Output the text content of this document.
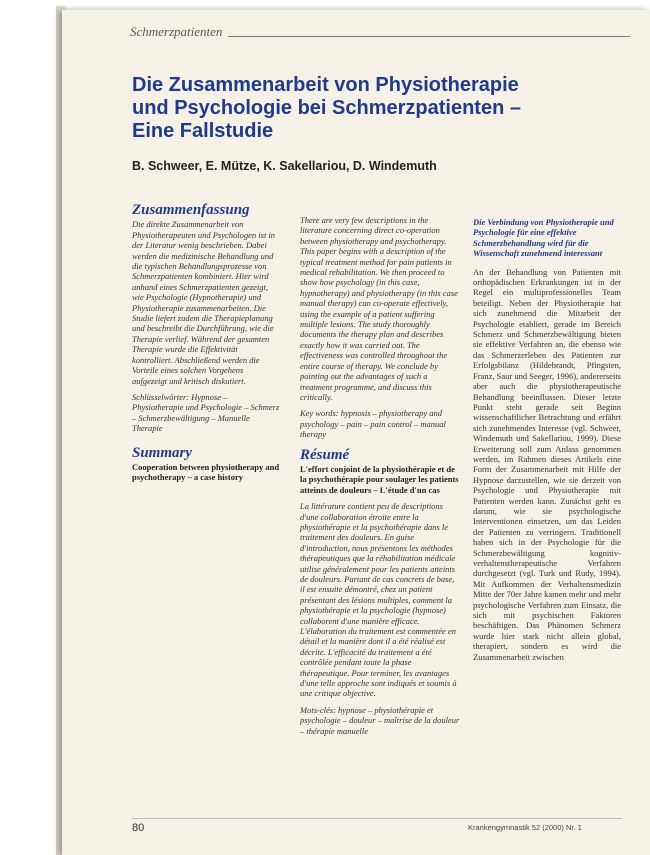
Schmerzpatienten
Die Zusammenarbeit von Physiotherapie
und Psychologie bei Schmerzpatienten –
Eine Fallstudie
B. Schweer, E. Mütze, K. Sakellariou, D. Windemuth
Zusammenfassung
Die direkte Zusammenarbeit von Physiotherapeuten und Psychologen ist in der Literatur wenig beschrieben. Dabei werden die medizinische Behandlung und die typischen Behandlungsprozesse von Schmerzpatienten kombiniert. Hier wird anhand eines Schmerzpatienten gezeigt, wie Psychologie (Hypnotherapie) und Physiotherapie zusammenarbeiten. Die Studie liefert zudem die Therapieplanung und beschreibt die Durchführung, wie die Therapie verlief. Während der gesamten Therapie wurde die Effektivität kontrolliert. Abschließend werden die Vorteile eines solchen Vorgehens aufgezeigt und kritisch diskutiert.
Schlüsselwörter: Hypnose – Physiotherapie und Psychologie – Schmerz – Schmerzbewältigung – Manuelle Therapie
Summary
Cooperation between physiotherapy and psychotherapy – a case history
There are very few descriptions in the literature concerning direct co-operation between physiotherapy and psychotherapy. This paper begins with a description of the typical treatment method for pain patients in medical rehabilitation. We then proceed to show how psychology (in this case, hypnotherapy) and physiotherapy (in this case manual therapy) can co-operate effectively, using the example of a patient suffering multiple lesions. The study thoroughly documents the therapy plan and describes exactly how it was carried out. The effectiveness was controlled throughout the entire course of therapy. We conclude by pointing out the advantages of such a treatment programme, and discuss this critically.
Key words: hypnosis – physiotherapy and psychology – pain – pain control – manual therapy
Résumé
L'effort conjoint de la physiothérapie et de la psychothérapie pour soulager les patients atteints de douleurs – L'étude d'un cas
La littérature contient peu de descriptions d'une collaboration étroite entre la physiothérapie et la psychothérapie dans le traitement des douleurs. En guise d'introduction, nous présentons les méthodes thérapeutiques que la réhabilitation médicale utilise généralement pour les patients atteints de douleurs. Partant de cas concrets de base, il est ensuite démontré, chez un patient présentant des lésions multiples, comment la physiothérapie et la psychologie (hypnose) collaborent d'une manière efficace. L'élaboration du traitement est commentée en détail et la manière dont il a été réalisé est décrite. L'efficacité du traitement a été contrôlée pendant toute la phase thérapeutique. Pour terminer, les avantages d'une telle approche sont indiqués et soumis à une critique objective.
Mots-clés: hypnose – physiothérapie et psychologie – douleur – maîtrise de la douleur – thérapie manuelle
Die Verbindung von Physiotherapie und Psychologie für eine effektive Schmerzbehandlung wird für die Wissenschaft zunehmend interessant
An der Behandlung von Patienten mit orthopädischen Erkrankungen ist in der Regel ein multiprofessionelles Team beteiligt. Neben der Physiotherapie hat sich zunehmend die Mitarbeit der Psychologie etabliert, gerade im Bereich Schmerz und Schmerzbewältigung bieten sie effektive Verfahren an, die ebenso wie das Schmerzerleben des Patienten zur Erfolgsbilanz (Hildebrandt, Pfingsten, Franz, Saur und Seeger, 1996), andererseits aber auch die physiotherapeutische Behandlung beeinflussen. Dieser letzte Punkt steht gerade seit Beginn wissenschaftlicher Betrachtung und erfährt sich zunehmendes Interesse (vgl. Schweer, Windemuth und Sakellariou, 1999). Diese Erweiterung soll zum Anlass genommen werden, im Rahmen dieses Artikels eine Form der Zusammenarbeit mit Hilfe der Hypnose darzustellen, wie sie derzeit von Psychologie und Physiotherapie mit Patienten werden kann. Zunächst geht es darum, wie sie psychologische Interventionen einsetzen, um das Leiden der Patienten zu verringern. Traditionell haben sich in der Psychologie für die Schmerzbewältigung kognitiv-verhaltenstherapeutische Verfahren durchgesetzt (vgl. Turk und Rudy, 1994). Mit Aufkommen der Verhaltensmedizin Mitte der 70er Jahre kamen mehr und mehr psychologische Verfahren zum Einsatz, die sich mit psychischen Faktoren beschäftigen. Das Phänomen Schmerz wurde hier stark nicht allein global, therapiert, sondern es wird die Zusammenarbeit zwischen
80	Krankengymnastik 52 (2000) Nr. 1
